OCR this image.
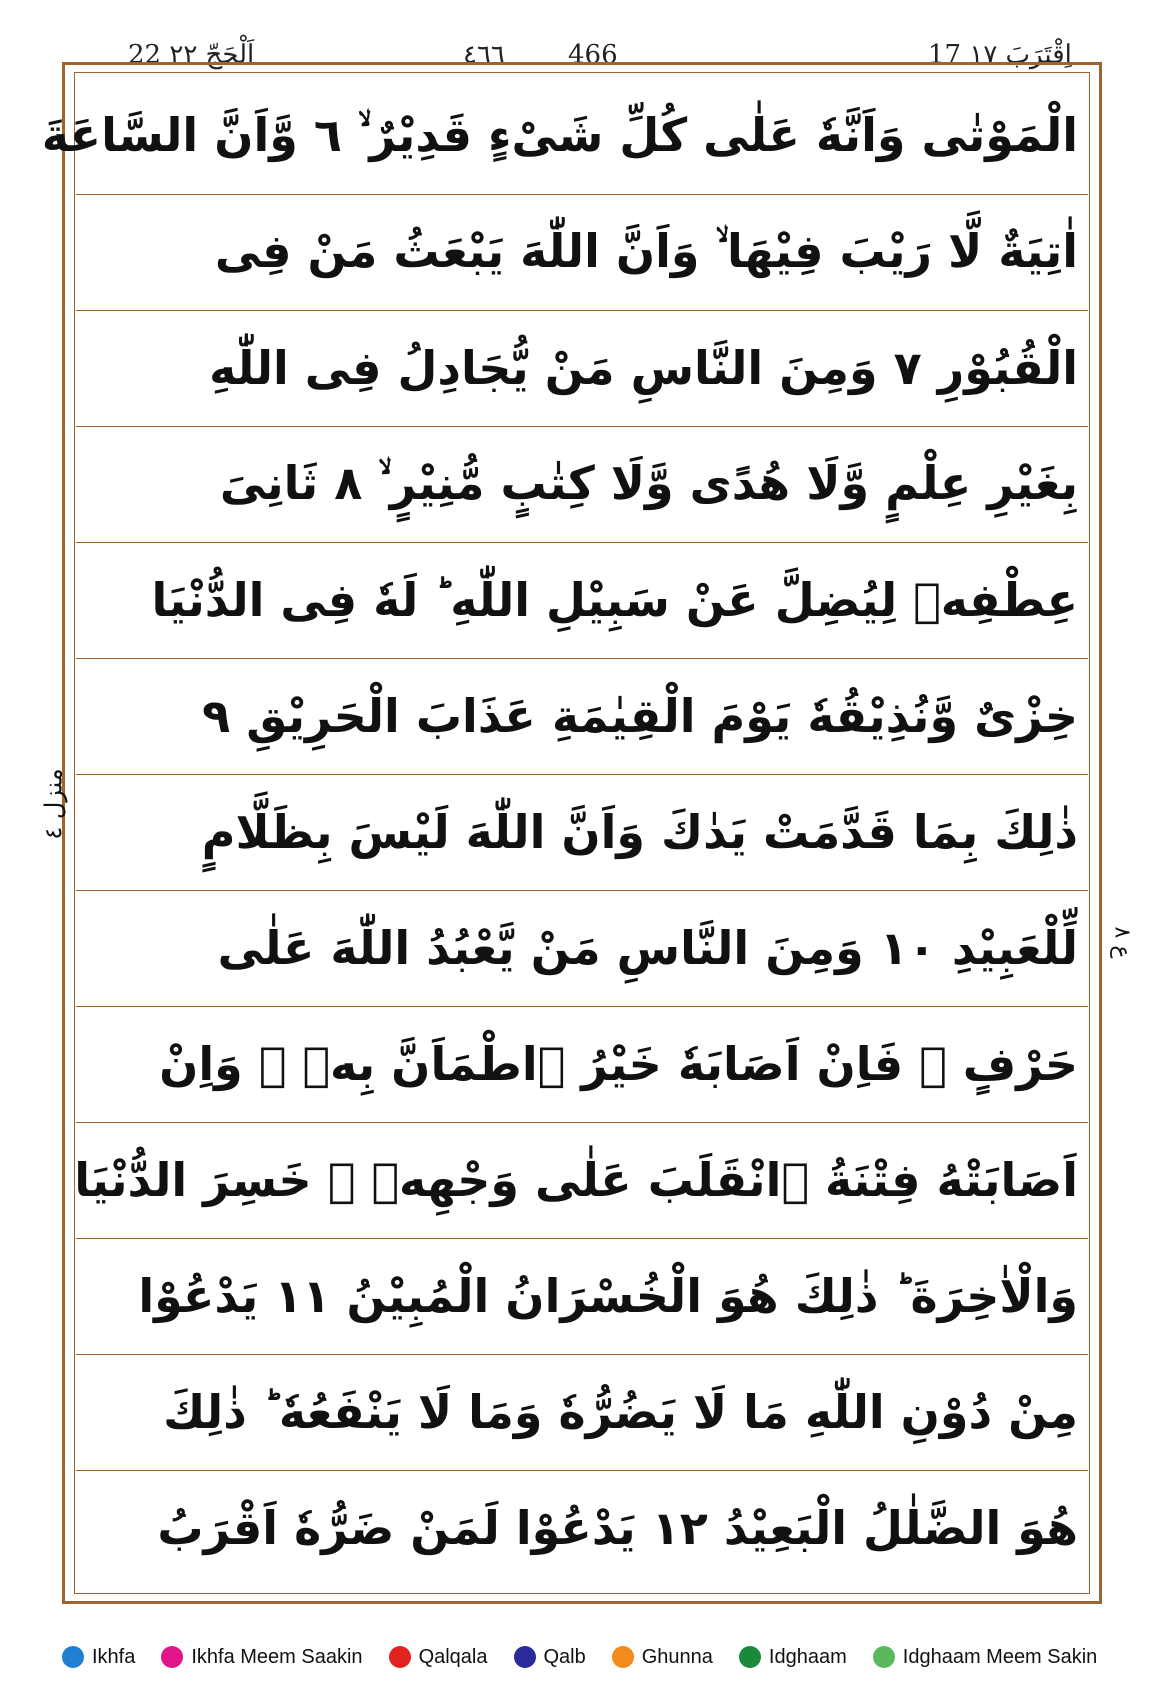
22 اَلْحَجّ ٢٢	٤٦٦ 466	17 اِقْتَرَبَ ١٧
منزل ٤
ع ۸
الْمَوْتٰى وَاَنَّهٗ عَلٰى كُلِّ شَیْءٍ قَدِیْرٌ ۙ ٦ وَّاَنَّ السَّاعَةَ
اٰتِیَةٌ لَّا رَیْبَ فِیْهَا ۙ وَاَنَّ اللّٰهَ یَبْعَثُ مَنْ فِی
الْقُبُوْرِ ٧ وَمِنَ النَّاسِ مَنْ یُّجَادِلُ فِی اللّٰهِ
بِغَیْرِ عِلْمٍ وَّلَا هُدًى وَّلَا كِتٰبٍ مُّنِیْرٍ ۙ ٨ ثَانِیَ
عِطْفِهٖ لِیُضِلَّ عَنْ سَبِیْلِ اللّٰهِ ؕ لَهٗ فِی الدُّنْیَا
خِزْیٌ وَّنُذِیْقُهٗ یَوْمَ الْقِیٰمَةِ عَذَابَ الْحَرِیْقِ ٩
ذٰلِكَ بِمَا قَدَّمَتْ یَدٰكَ وَاَنَّ اللّٰهَ لَیْسَ بِظَلَّامٍ
لِّلْعَبِیْدِ ١٠ وَمِنَ النَّاسِ مَنْ یَّعْبُدُ اللّٰهَ عَلٰى
حَرْفٍ ۚ فَاِنْ اَصَابَهٗ خَیْرُ ࣙاطْمَاَنَّ بِهٖ ۚ وَاِنْ
اَصَابَتْهُ فِتْنَةُ ࣙانْقَلَبَ عَلٰى وَجْهِهٖ ۫ خَسِرَ الدُّنْیَا
وَالْاٰخِرَةَ ؕ ذٰلِكَ هُوَ الْخُسْرَانُ الْمُبِیْنُ ١١ یَدْعُوْا
مِنْ دُوْنِ اللّٰهِ مَا لَا یَضُرُّهٗ وَمَا لَا یَنْفَعُهٗ ؕ ذٰلِكَ
هُوَ الضَّلٰلُ الْبَعِیْدُ ١٢ یَدْعُوْا لَمَنْ ضَرُّهٗ اَقْرَبُ
Ikhfa	Ikhfa Meem Saakin	Qalqala	Qalb	Ghunna	Idghaam	Idghaam Meem Sakin
